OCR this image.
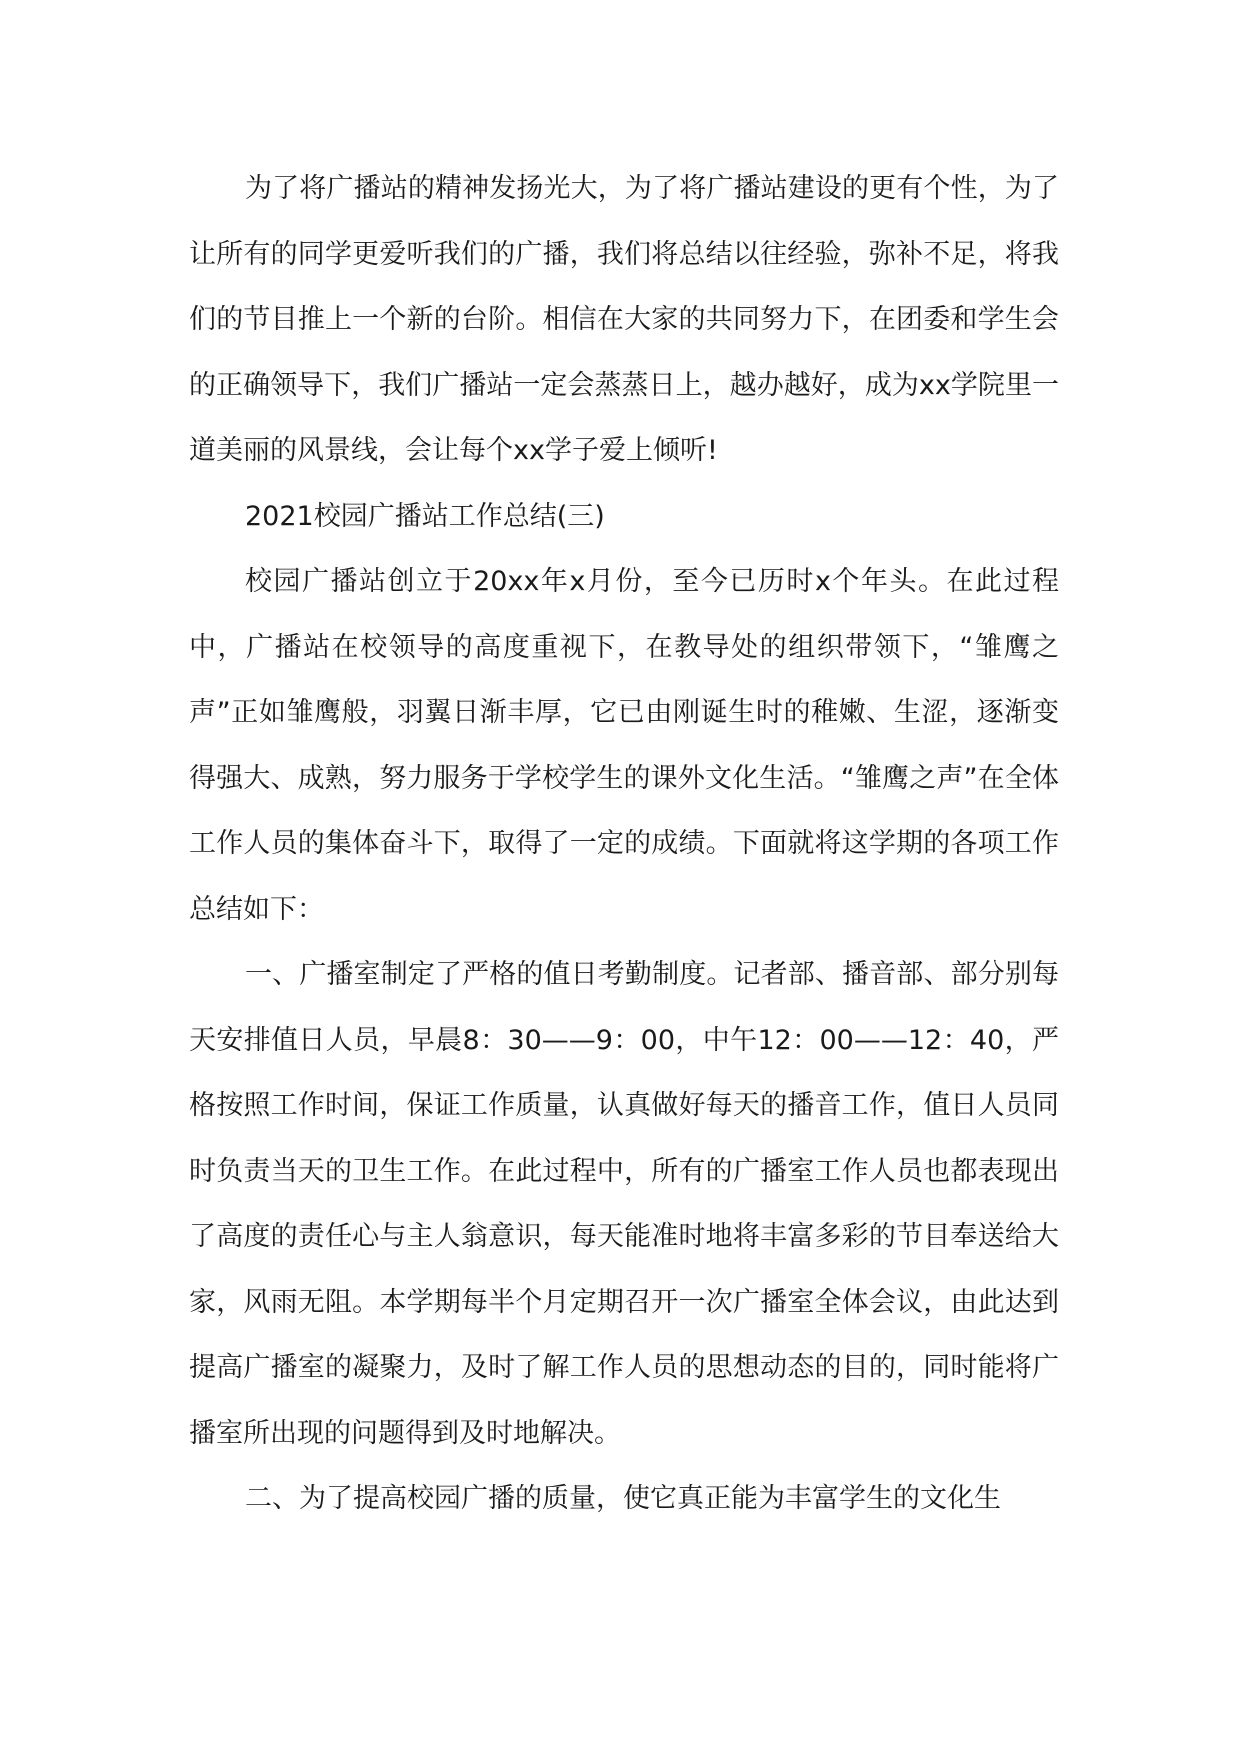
为了将广播站的精神发扬光大，为了将广播站建设的更有个性，为了让所有的同学更爱听我们的广播，我们将总结以往经验，弥补不足，将我们的节目推上一个新的台阶。相信在大家的共同努力下，在团委和学生会的正确领导下，我们广播站一定会蒸蒸日上，越办越好，成为xx学院里一道美丽的风景线，会让每个xx学子爱上倾听!

2021校园广播站工作总结(三)

校园广播站创立于20xx年x月份，至今已历时x个年头。在此过程中，广播站在校领导的高度重视下，在教导处的组织带领下，“雏鹰之声”正如雏鹰般，羽翼日渐丰厚，它已由刚诞生时的稚嫩、生涩，逐渐变得强大、成熟，努力服务于学校学生的课外文化生活。“雏鹰之声”在全体工作人员的集体奋斗下，取得了一定的成绩。下面就将这学期的各项工作总结如下：

一、广播室制定了严格的值日考勤制度。记者部、播音部、部分别每天安排值日人员，早晨8：30——9：00，中午12：00——12：40，严格按照工作时间，保证工作质量，认真做好每天的播音工作，值日人员同时负责当天的卫生工作。在此过程中，所有的广播室工作人员也都表现出了高度的责任心与主人翁意识，每天能准时地将丰富多彩的节目奉送给大家，风雨无阻。本学期每半个月定期召开一次广播室全体会议，由此达到提高广播室的凝聚力，及时了解工作人员的思想动态的目的，同时能将广播室所出现的问题得到及时地解决。

二、为了提高校园广播的质量，使它真正能为丰富学生的文化生
